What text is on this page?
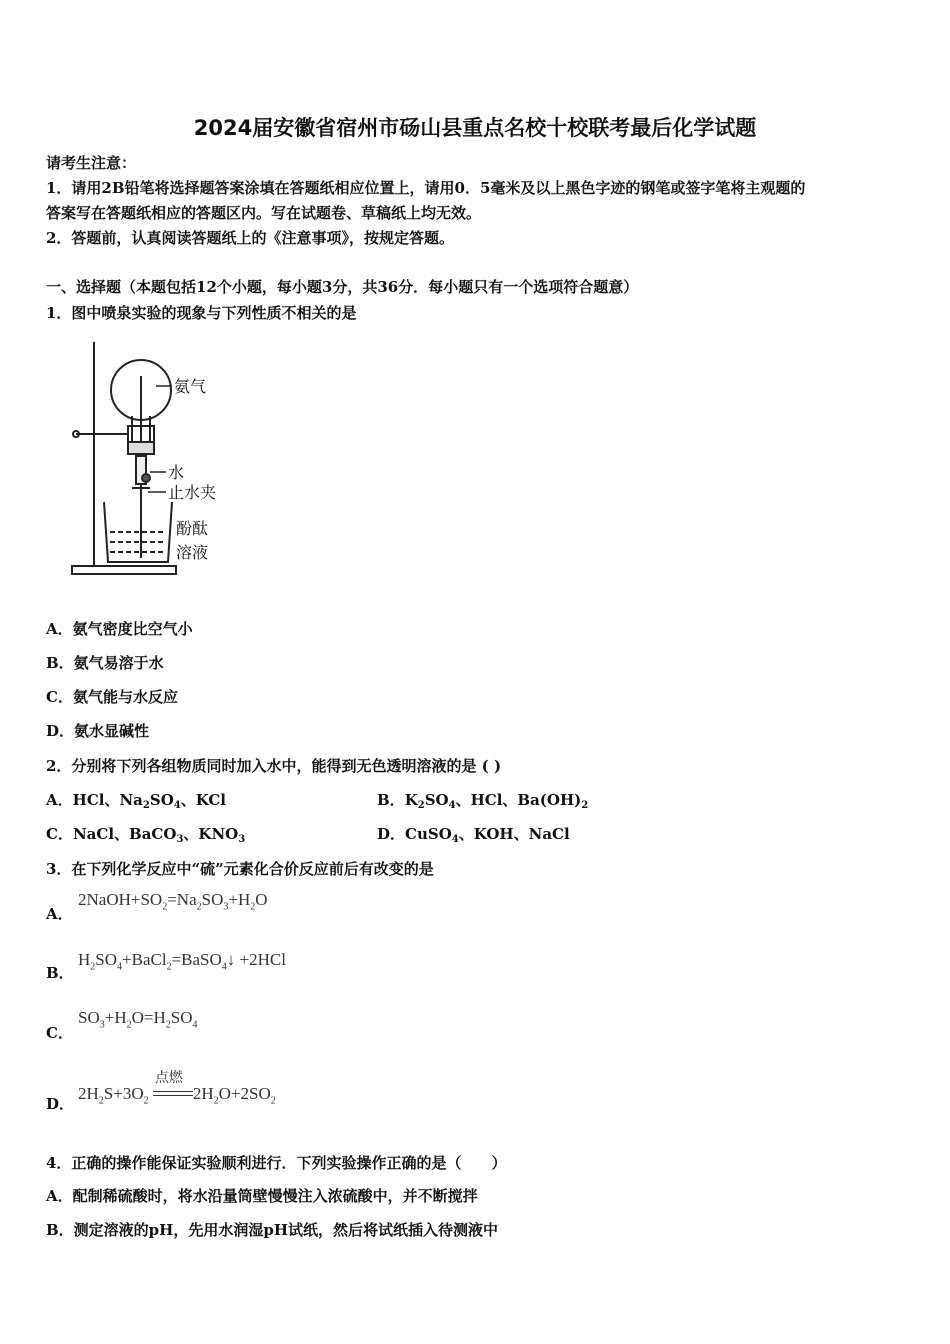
2024届安徽省宿州市砀山县重点名校十校联考最后化学试题
请考生注意：
1．请用2B铅笔将选择题答案涂填在答题纸相应位置上，请用0．5毫米及以上黑色字迹的钢笔或签字笔将主观题的
答案写在答题纸相应的答题区内。写在试题卷、草稿纸上均无效。
2．答题前，认真阅读答题纸上的《注意事项》，按规定答题。
一、选择题（本题包括12个小题，每小题3分，共36分．每小题只有一个选项符合题意）
1．图中喷泉实验的现象与下列性质不相关的是
氨气
水
止水夹
酚酞
溶液
A．氨气密度比空气小
B．氨气易溶于水
C．氨气能与水反应
D．氨水显碱性
2．分别将下列各组物质同时加入水中，能得到无色透明溶液的是 ( )
A．HCl、$Na_2SO_4$、KCl	B．$K_2SO_4$、HCl、$Ba(OH)_2$
C．NaCl、BaCO$_3$、$KNO_3$	D．CuSO$_4$、KOH、NaCl
3．在下列化学反应中“硫”元素化合价反应前后有改变的是
A．
$2NaOH+SO_2=Na_2SO_3+H_2O$
B．
$H_2SO_4+BaCl_2=BaSO_4↓ +2HCl$
C．
$SO_3+H_2O=H_2SO_4$
D．
$2H_2S+3O_2$
点燃
$2H_2O+2SO_2$
4．正确的操作能保证实验顺利进行．下列实验操作正确的是（　　）
A．配制稀硫酸时，将水沿量筒壁慢慢注入浓硫酸中，并不断搅拌
B．测定溶液的pH，先用水润湿pH试纸，然后将试纸插入待测液中
